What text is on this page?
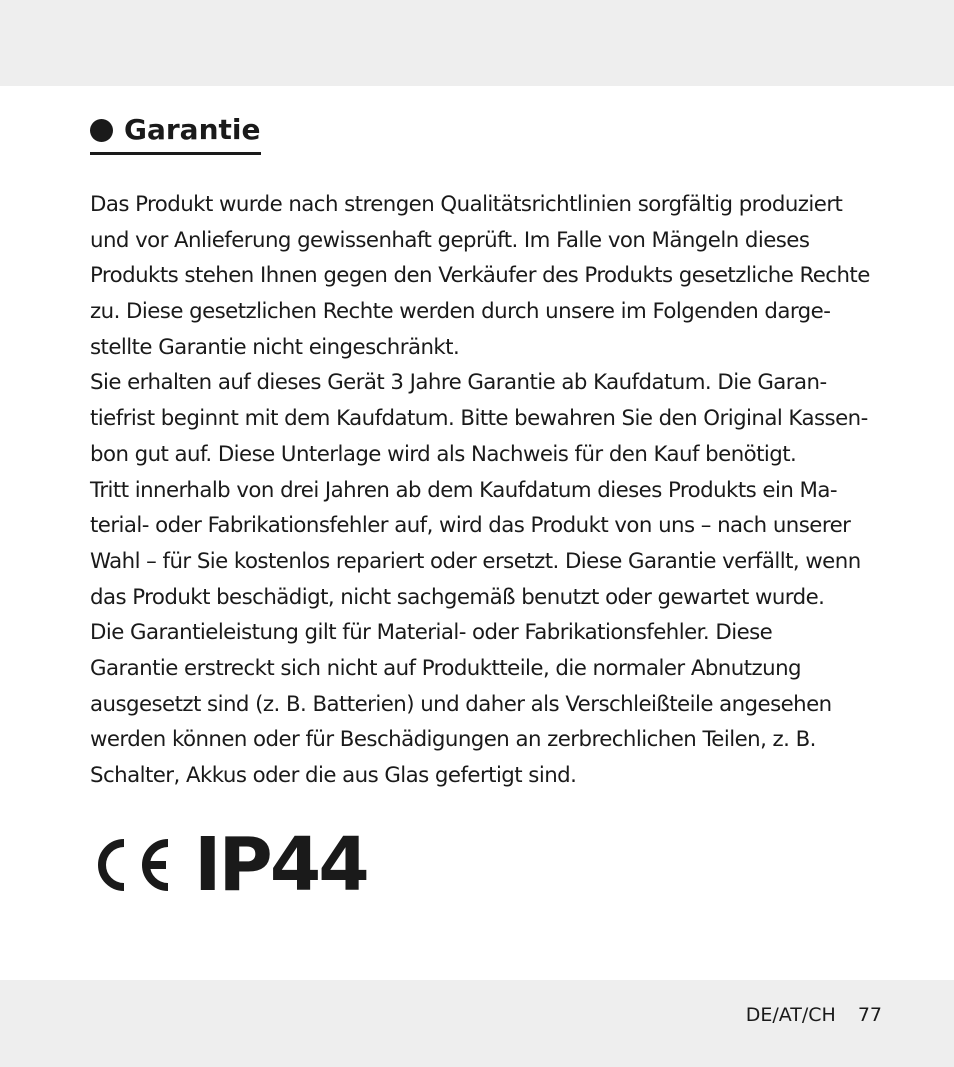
Garantie
Das Produkt wurde nach strengen Qualitätsrichtlinien sorgfältig produziert
und vor Anlieferung gewissenhaft geprüft. Im Falle von Mängeln dieses
Produkts stehen Ihnen gegen den Verkäufer des Produkts gesetzliche Rechte
zu. Diese gesetzlichen Rechte werden durch unsere im Folgenden darge-
stellte Garantie nicht eingeschränkt.
Sie erhalten auf dieses Gerät 3 Jahre Garantie ab Kaufdatum. Die Garan-
tiefrist beginnt mit dem Kaufdatum. Bitte bewahren Sie den Original Kassen-
bon gut auf. Diese Unterlage wird als Nachweis für den Kauf benötigt.
Tritt innerhalb von drei Jahren ab dem Kaufdatum dieses Produkts ein Ma-
terial- oder Fabrikationsfehler auf, wird das Produkt von uns – nach unserer
Wahl – für Sie kostenlos repariert oder ersetzt. Diese Garantie verfällt, wenn
das Produkt beschädigt, nicht sachgemäß benutzt oder gewartet wurde.
Die Garantieleistung gilt für Material- oder Fabrikationsfehler. Diese
Garantie erstreckt sich nicht auf Produktteile, die normaler Abnutzung
ausgesetzt sind (z. B. Batterien) und daher als Verschleißteile angesehen
werden können oder für Beschädigungen an zerbrechlichen Teilen, z. B.
Schalter, Akkus oder die aus Glas gefertigt sind.
IP44
DE/AT/CH 77
